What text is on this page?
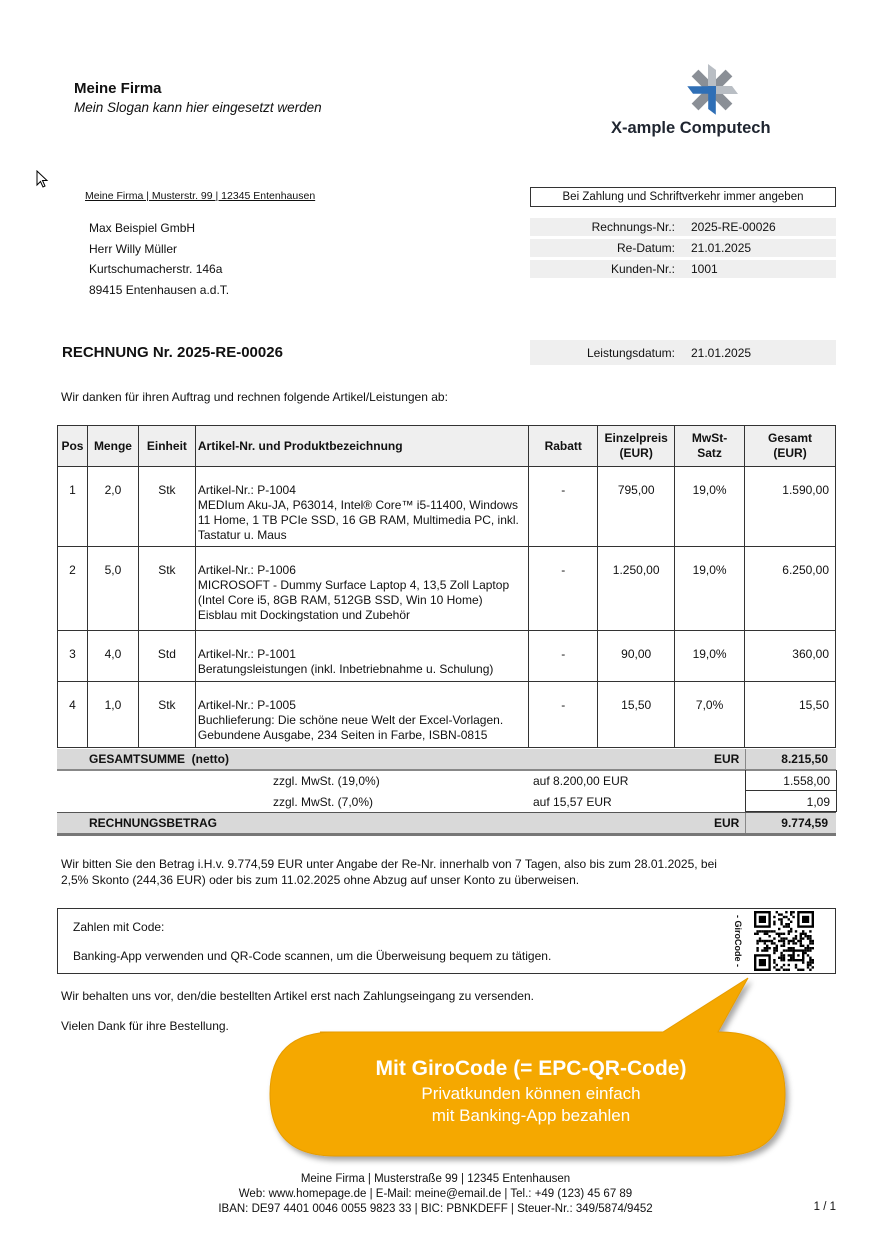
Meine Firma
Mein Slogan kann hier eingesetzt werden
X-ample Computech
Meine Firma | Musterstr. 99 | 12345 Entenhausen	Bei Zahlung und Schriftverkehr immer angeben
Max Beispiel GmbH
Herr Willy Müller
Kurtschumacherstr. 146a
89415 Entenhausen a.d.T.
Rechnungs-Nr.: 2025-RE-00026
Re-Datum: 21.01.2025
Kunden-Nr.: 1001
RECHNUNG Nr. 2025-RE-00026	Leistungsdatum: 21.01.2025
Wir danken für ihren Auftrag und rechnen folgende Artikel/Leistungen ab:
Pos	Menge	Einheit	Artikel-Nr. und Produktbezeichnung	Rabatt	Einzelpreis
(EUR)	MwSt-
Satz	Gesamt
(EUR)
1	2,0	Stk	Artikel-Nr.: P-1004
MEDIum Aku-JA, P63014, Intel® Core™ i5-11400, Windows
11 Home, 1 TB PCIe SSD, 16 GB RAM, Multimedia PC, inkl.
Tastatur u. Maus	-	795,00	19,0%	1.590,00
2	5,0	Stk	Artikel-Nr.: P-1006
MICROSOFT - Dummy Surface Laptop 4, 13,5 Zoll Laptop
(Intel Core i5, 8GB RAM, 512GB SSD, Win 10 Home)
Eisblau mit Dockingstation und Zubehör	-	1.250,00	19,0%	6.250,00
3	4,0	Std	Artikel-Nr.: P-1001
Beratungsleistungen (inkl. Inbetriebnahme u. Schulung)	-	90,00	19,0%	360,00
4	1,0	Stk	Artikel-Nr.: P-1005
Buchlieferung: Die schöne neue Welt der Excel-Vorlagen.
Gebundene Ausgabe, 234 Seiten in Farbe, ISBN-0815	-	15,50	7,0%	15,50
GESAMTSUMME  (netto)	EUR	8.215,50
zzgl. MwSt. (19,0%)	auf 8.200,00 EUR	1.558,00
zzgl. MwSt. (7,0%)	auf 15,57 EUR	1,09
RECHNUNGSBETRAG	EUR	9.774,59
Wir bitten Sie den Betrag i.H.v. 9.774,59 EUR unter Angabe der Re-Nr. innerhalb von 7 Tagen, also bis zum 28.01.2025, bei
2,5% Skonto (244,36 EUR) oder bis zum 11.02.2025 ohne Abzug auf unser Konto zu überweisen.
Zahlen mit Code:
Banking-App verwenden und QR-Code scannen, um die Überweisung bequem zu tätigen.	- GiroCode -
Wir behalten uns vor, den/die bestellten Artikel erst nach Zahlungseingang zu versenden.
Vielen Dank für ihre Bestellung.
Mit GiroCode (= EPC-QR-Code)
Privatkunden können einfach
mit Banking-App bezahlen
Meine Firma | Musterstraße 99 | 12345 Entenhausen
Web: www.homepage.de | E-Mail: meine@email.de | Tel.: +49 (123) 45 67 89
IBAN: DE97 4401 0046 0055 9823 33 | BIC: PBNKDEFF | Steuer-Nr.: 349/5874/9452	1 / 1
